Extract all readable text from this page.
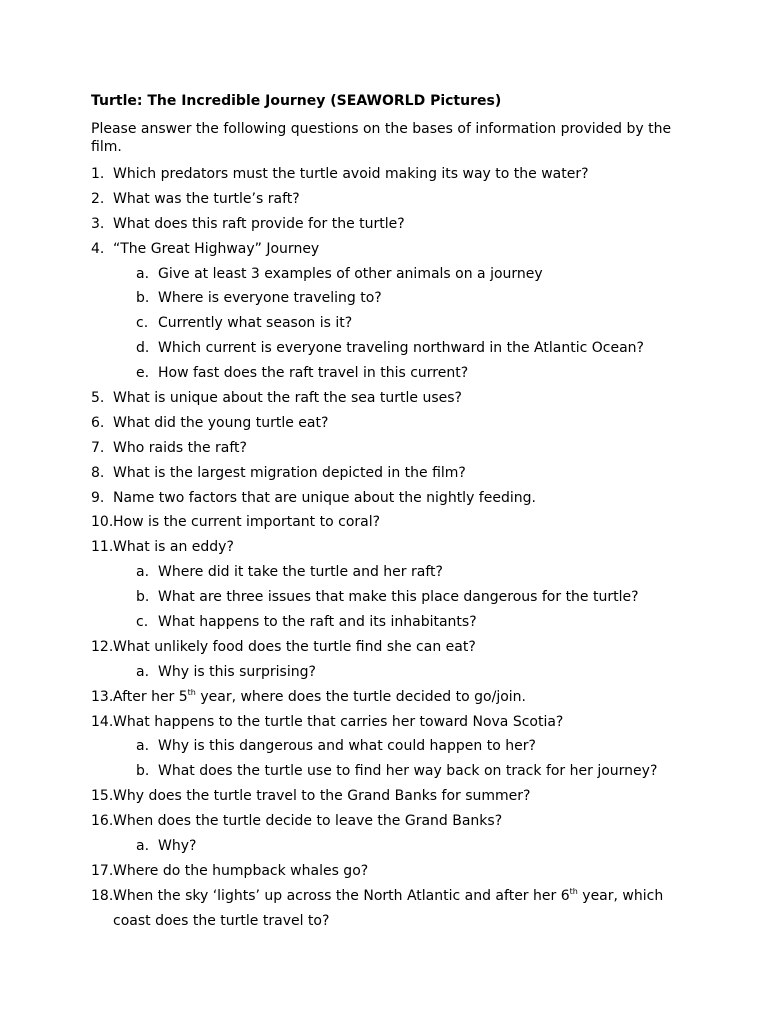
Turtle: The Incredible Journey (SEAWORLD Pictures)
Please answer the following questions on the bases of information provided by the film.
1. Which predators must the turtle avoid making its way to the water?
2. What was the turtle’s raft?
3. What does this raft provide for the turtle?
4. “The Great Highway” Journey
a. Give at least 3 examples of other animals on a journey
b. Where is everyone traveling to?
c. Currently what season is it?
d. Which current is everyone traveling northward in the Atlantic Ocean?
e. How fast does the raft travel in this current?
5. What is unique about the raft the sea turtle uses?
6. What did the young turtle eat?
7. Who raids the raft?
8. What is the largest migration depicted in the film?
9. Name two factors that are unique about the nightly feeding.
10. How is the current important to coral?
11. What is an eddy?
a. Where did it take the turtle and her raft?
b. What are three issues that make this place dangerous for the turtle?
c. What happens to the raft and its inhabitants?
12. What unlikely food does the turtle find she can eat?
a. Why is this surprising?
13. After her 5th year, where does the turtle decided to go/join.
14. What happens to the turtle that carries her toward Nova Scotia?
a. Why is this dangerous and what could happen to her?
b. What does the turtle use to find her way back on track for her journey?
15. Why does the turtle travel to the Grand Banks for summer?
16. When does the turtle decide to leave the Grand Banks?
a. Why?
17. Where do the humpback whales go?
18. When the sky ‘lights’ up across the North Atlantic and after her 6th year, which coast does the turtle travel to?
